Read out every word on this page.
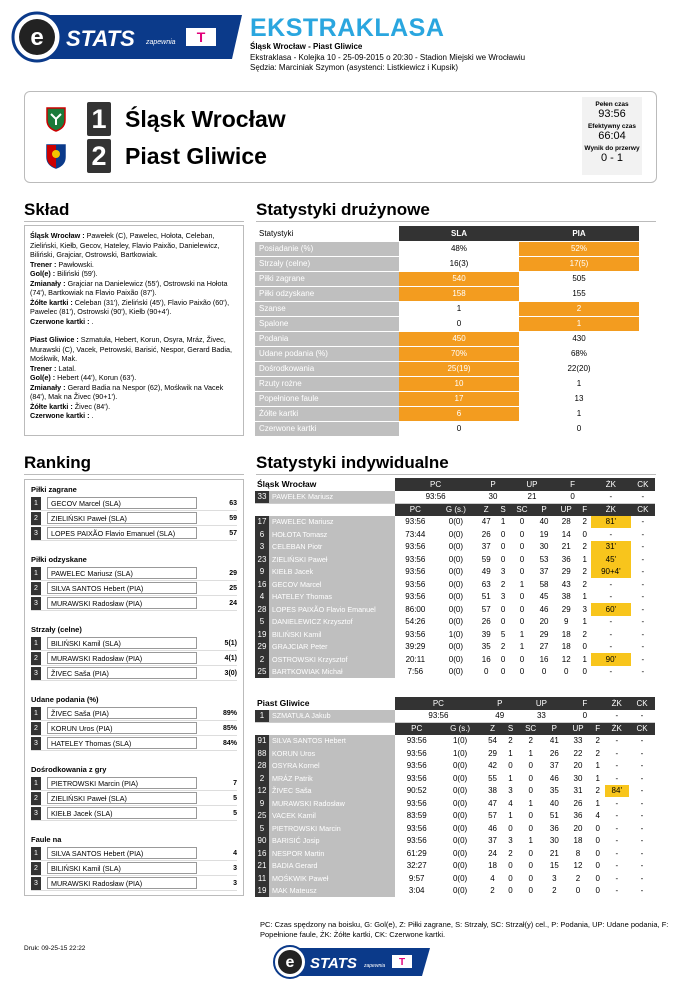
e STATS zapewnia T EKSTRAKLASA
Śląsk Wrocław - Piast Gliwice
Ekstraklasa - Kolejka 10 - 25-09-2015 o 20:30 - Stadion Miejski we Wrocławiu
Sędzia: Marciniak Szymon (asystenci: Listkiewicz i Kupsik)
1 Śląsk Wrocław
2 Piast Gliwice
Pełen czas
93:56
Efektywny czas
66:04
Wynik do przerwy
0 - 1
Skład	Statystyki drużynowe
Ranking	Statystyki indywidualne

Śląsk Wrocław : Pawełek (C), Pawelec, Hołota, Celeban, Zieliński, Kiełb, Gecov, Hateley, Flavio Paixão, Danielewicz, Biliński, Grajciar, Ostrowski, Bartkowiak.
Trener : Pawłowski.
Gol(e) : Biliński (59').
Zmianały : Grajciar na Danielewicz (55'), Ostrowski na Hołota (74'), Bartkowiak na Flavio Paixão (87').
Żółte kartki : Celeban (31'), Zieliński (45'), Flavio Paixão (60'), Pawelec (81'), Ostrowski (90'), Kiełb (90+4').
Czerwone kartki : .

Piast Gliwice : Szmatuła, Hebert, Korun, Osyra, Mráz, Živec, Murawski (C), Vacek, Petrowski, Barisić, Nespor, Gerard Badia, Mośkwik, Mak.
Trener : Latal.
Gol(e) : Hebert (44'), Korun (63').
Zmianały : Gerard Badia na Nespor (62), Mośkwik na Vacek (84'), Mak na Živec (90+1').
Żółte kartki : Živec (84').
Czerwone kartki : .

Statystyki	SLA	PIA
Posiadanie (%)	48%	52%
Strzały (celne)	16(3)	17(5)
Piłki zagrane	540	505
Piłki odzyskane	158	155
Szanse	1	2
Spalone	0	1
Podania	450	430
Udane podania (%)	70%	68%
Dośrodkowania	25(19)	22(20)
Rzuty rożne	10	1
Popełnione faule	17	13
Żółte kartki	6	1
Czerwone kartki	0	0
Piłki zagrane
1	GECOV Marcel (SLA)	63
2	ZIELIŃSKI Paweł (SLA)	59
3	LOPES PAIXÃO Flavio Emanuel (SLA)	57
Piłki odzyskane
1	PAWELEC Mariusz (SLA)	29
2	SILVA SANTOS Hebert (PIA)	25
3	MURAWSKI Radosław (PIA)	24
Strzały (celne)
1	BILIŃSKI Kamil (SLA)	5(1)
2	MURAWSKI Radosław (PIA)	4(1)
3	ŽIVEC Saša (PIA)	3(0)
Udane podania (%)
1	ŽIVEC Saša (PIA)	89%
2	KORUN Uros (PIA)	85%
3	HATELEY Thomas (SLA)	84%
Dośrodkowania z gry
1	PIETROWSKI Marcin (PIA)	7
2	ZIELIŃSKI Paweł (SLA)	5
3	KIEŁB Jacek (SLA)	5
Faule na
1	SILVA SANTOS Hebert (PIA)	4
2	BILIŃSKI Kamil (SLA)	3
3	MURAWSKI Radosław (PIA)	3
Śląsk Wrocław		PC		P		UP		F		ŻK	CK
33	PAWEŁEK Mariusz	93:56		30		21		0		-	-
		PC	G (s.)	Z	S	SC	P	UP	F	ŻK	CK
17	PAWELEC Mariusz	93:56	0(0)	47	1	0	40	28	2	81'	-
6	HOŁOTA Tomasz	73:44	0(0)	26	0	0	19	14	0	-	-
3	CELEBAN Piotr	93:56	0(0)	37	0	0	30	21	2	31'	-
23	ZIELIŃSKI Paweł	93:56	0(0)	59	0	0	53	36	1	45'	-
9	KIEŁB Jacek	93:56	0(0)	49	3	0	37	29	2	90+4'	-
16	GECOV Marcel	93:56	0(0)	63	2	1	58	43	2	-	-
4	HATELEY Thomas	93:56	0(0)	51	3	0	45	38	1	-	-
28	LOPES PAIXÃO Flavio Emanuel	86:00	0(0)	57	0	0	46	29	3	60'	-
5	DANIELEWICZ Krzysztof	54:26	0(0)	26	0	0	20	9	1	-	-
19	BILIŃSKI Kamil	93:56	1(0)	39	5	1	29	18	2	-	-
29	GRAJCIAR Peter	39:29	0(0)	35	2	1	27	18	0	-	-
2	OSTROWSKI Krzysztof	20:11	0(0)	16	0	0	16	12	1	90'	-
25	BARTKOWIAK Michał	7:56	0(0)	0	0	0	0	0	0	-	-
Piast Gliwice		PC		P		UP		F		ŻK	CK
1	SZMATUŁA Jakub	93:56		49		33		0		-	-
		PC	G (s.)	Z	S	SC	P	UP	F	ŻK	CK
91	SILVA SANTOS Hebert	93:56	1(0)	54	2	2	41	33	2	-	-
88	KORUN Uros	93:56	1(0)	29	1	1	26	22	2	-	-
28	OSYRA Kornel	93:56	0(0)	42	0	0	37	20	1	-	-
2	MRÁZ Patrik	93:56	0(0)	55	1	0	46	30	1	-	-
12	ŽIVEC Saša	90:52	0(0)	38	3	0	35	31	2	84'	-
9	MURAWSKI Radosław	93:56	0(0)	47	4	1	40	26	1	-	-
25	VACEK Kamil	83:59	0(0)	57	1	0	51	36	4	-	-
5	PIETROWSKI Marcin	93:56	0(0)	46	0	0	36	20	0	-	-
90	BARISIĆ Josip	93:56	0(0)	37	3	1	30	18	0	-	-
16	NESPOR Martin	61:29	0(0)	24	2	0	21	8	0	-	-
21	BADIA Gerard	32:27	0(0)	18	0	0	15	12	0	-	-
11	MOŚKWIK Paweł	9:57	0(0)	4	0	0	3	2	0	-	-
19	MAK Mateusz	3:04	0(0)	2	0	0	2	0	0	-	-
PC: Czas spędzony na boisku, G: Gol(e), Z: Piłki zagrane, S: Strzały, SC: Strzał(y) cel., P: Podania, UP: Udane podania, F: Popełnione faule, ŻK: Żółte kartki, CK: Czerwone kartki.
Druk: 09-25-15 22:22
e STATS zapewnia T
